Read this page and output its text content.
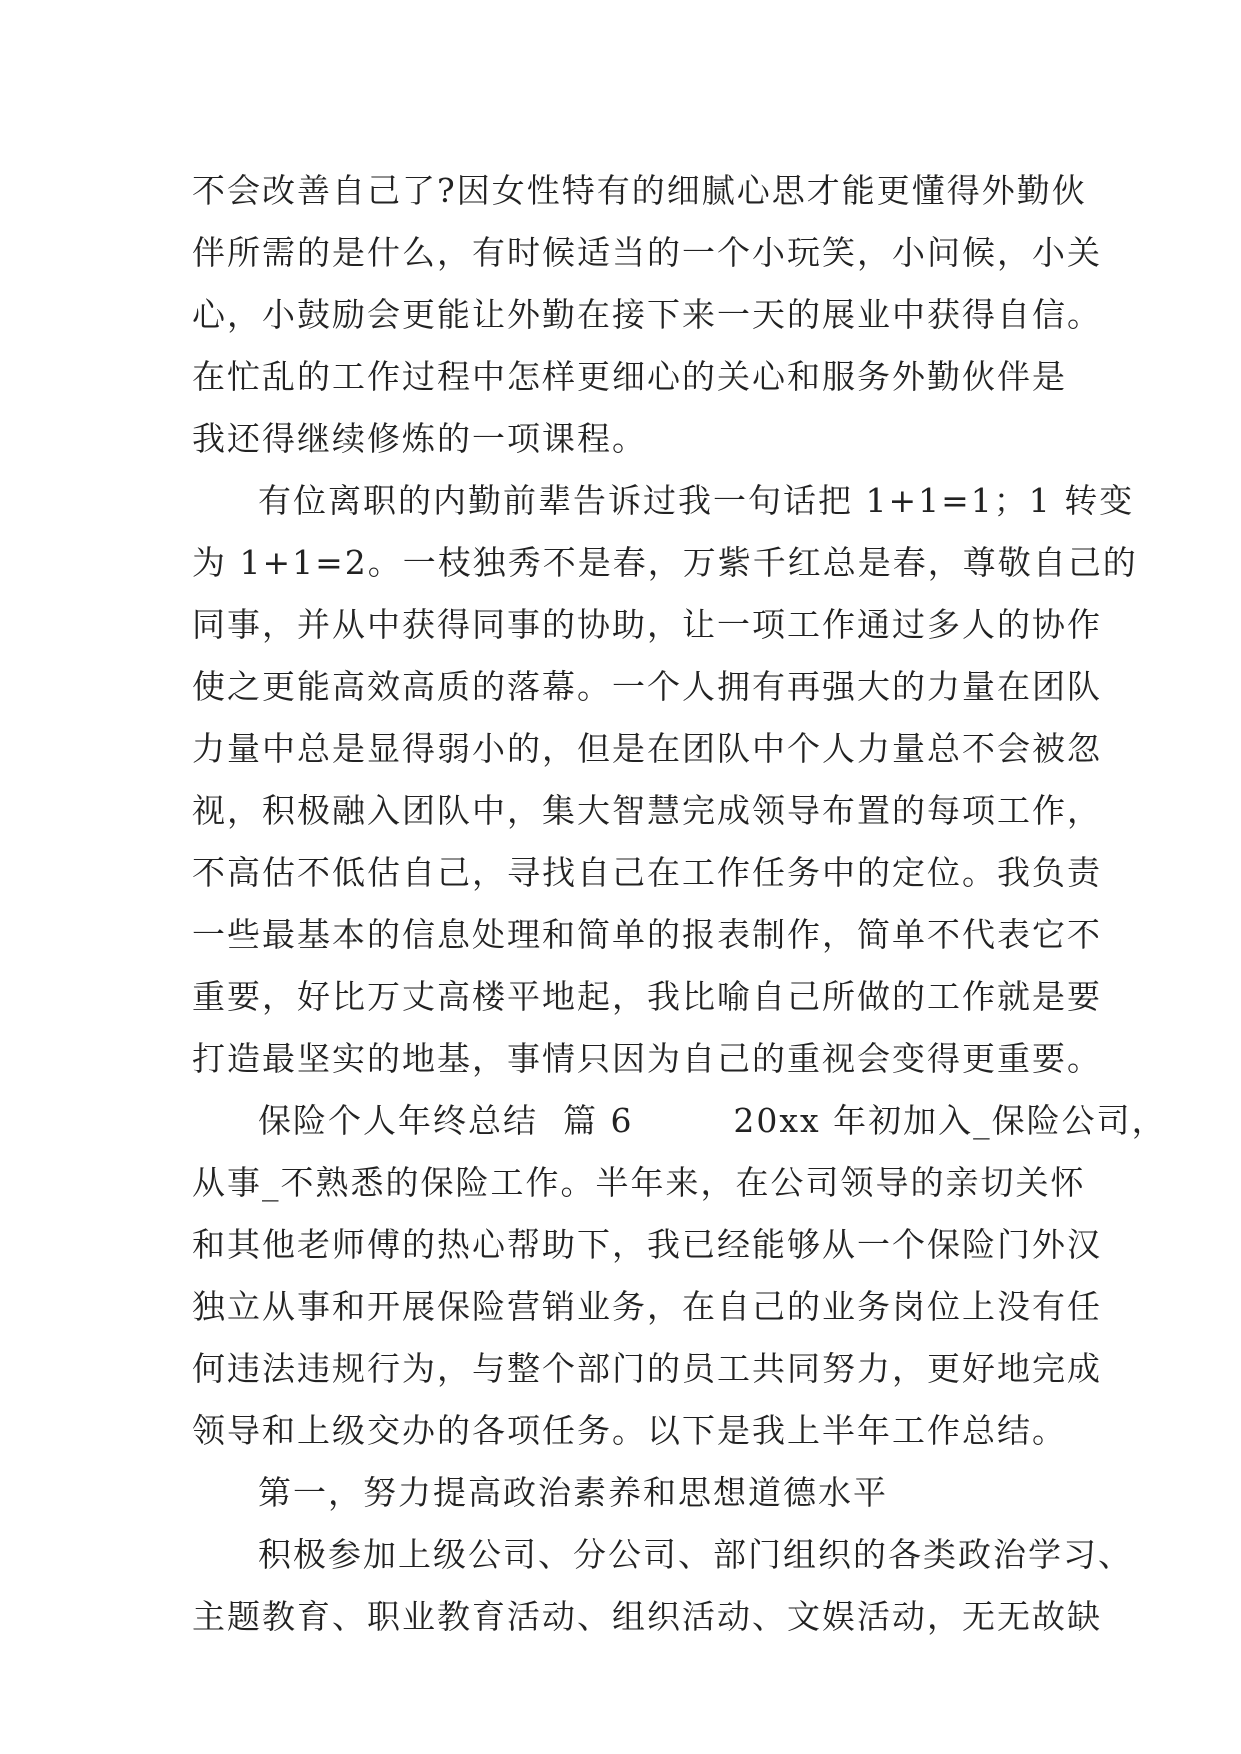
不会改善自己了?因女性特有的细腻心思才能更懂得外勤伙
伴所需的是什么，有时候适当的一个小玩笑，小问候，小关
心，小鼓励会更能让外勤在接下来一天的展业中获得自信。
在忙乱的工作过程中怎样更细心的关心和服务外勤伙伴是
我还得继续修炼的一项课程。
有位离职的内勤前辈告诉过我一句话把 1+1=1；1 转变
为 1+1=2。一枝独秀不是春，万紫千红总是春，尊敬自己的
同事，并从中获得同事的协助，让一项工作通过多人的协作
使之更能高效高质的落幕。一个人拥有再强大的力量在团队
力量中总是显得弱小的，但是在团队中个人力量总不会被忽
视，积极融入团队中，集大智慧完成领导布置的每项工作，
不高估不低估自己，寻找自己在工作任务中的定位。我负责
一些最基本的信息处理和简单的报表制作，简单不代表它不
重要，好比万丈高楼平地起，我比喻自己所做的工作就是要
打造最坚实的地基，事情只因为自己的重视会变得更重要。
保险个人年终总结  篇 6        20xx 年初加入_保险公司，
从事_不熟悉的保险工作。半年来，在公司领导的亲切关怀
和其他老师傅的热心帮助下，我已经能够从一个保险门外汉
独立从事和开展保险营销业务，在自己的业务岗位上没有任
何违法违规行为，与整个部门的员工共同努力，更好地完成
领导和上级交办的各项任务。以下是我上半年工作总结。
第一，努力提高政治素养和思想道德水平
积极参加上级公司、分公司、部门组织的各类政治学习、
主题教育、职业教育活动、组织活动、文娱活动，无无故缺
